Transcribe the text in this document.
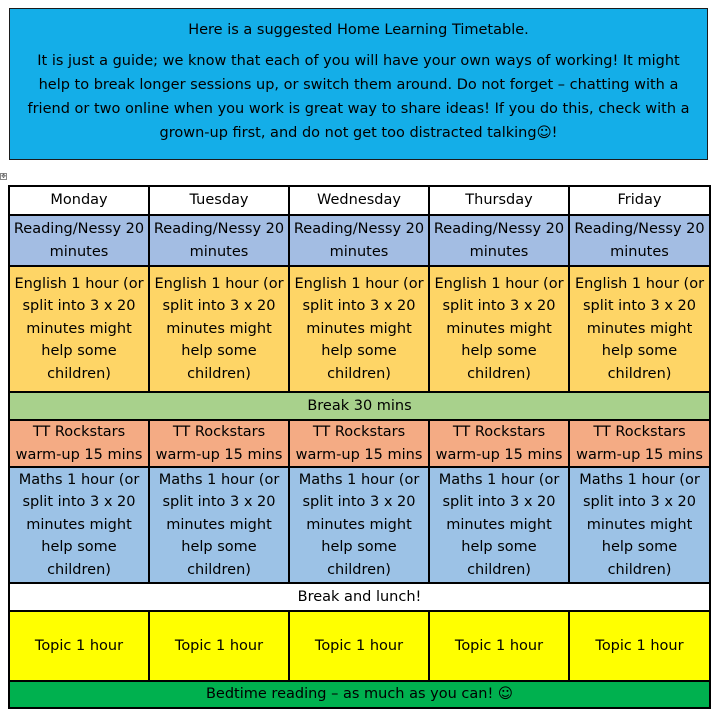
Here is a suggested Home Learning Timetable.

It is just a guide; we know that each of you will have your own ways of working! It might help to break longer sessions up, or switch them around. Do not forget – chatting with a friend or two online when you work is great way to share ideas! If you do this, check with a grown-up first, and do not get too distracted talking☺!

✥
Monday	Tuesday	Wednesday	Thursday	Friday
Reading/Nessy 20 minutes	Reading/Nessy 20 minutes	Reading/Nessy 20 minutes	Reading/Nessy 20 minutes	Reading/Nessy 20 minutes
English 1 hour (or split into 3 x 20 minutes might help some children)	English 1 hour (or split into 3 x 20 minutes might help some children)	English 1 hour (or split into 3 x 20 minutes might help some children)	English 1 hour (or split into 3 x 20 minutes might help some children)	English 1 hour (or split into 3 x 20 minutes might help some children)
Break 30 mins				
TT Rockstars warm-up 15 mins	TT Rockstars warm-up 15 mins	TT Rockstars warm-up 15 mins	TT Rockstars warm-up 15 mins	TT Rockstars warm-up 15 mins
Maths 1 hour (or split into 3 x 20 minutes might help some children)	Maths 1 hour (or split into 3 x 20 minutes might help some children)	Maths 1 hour (or split into 3 x 20 minutes might help some children)	Maths 1 hour (or split into 3 x 20 minutes might help some children)	Maths 1 hour (or split into 3 x 20 minutes might help some children)
Break and lunch!				
Topic 1 hour	Topic 1 hour	Topic 1 hour	Topic 1 hour	Topic 1 hour
Bedtime reading – as much as you can! ☺				
